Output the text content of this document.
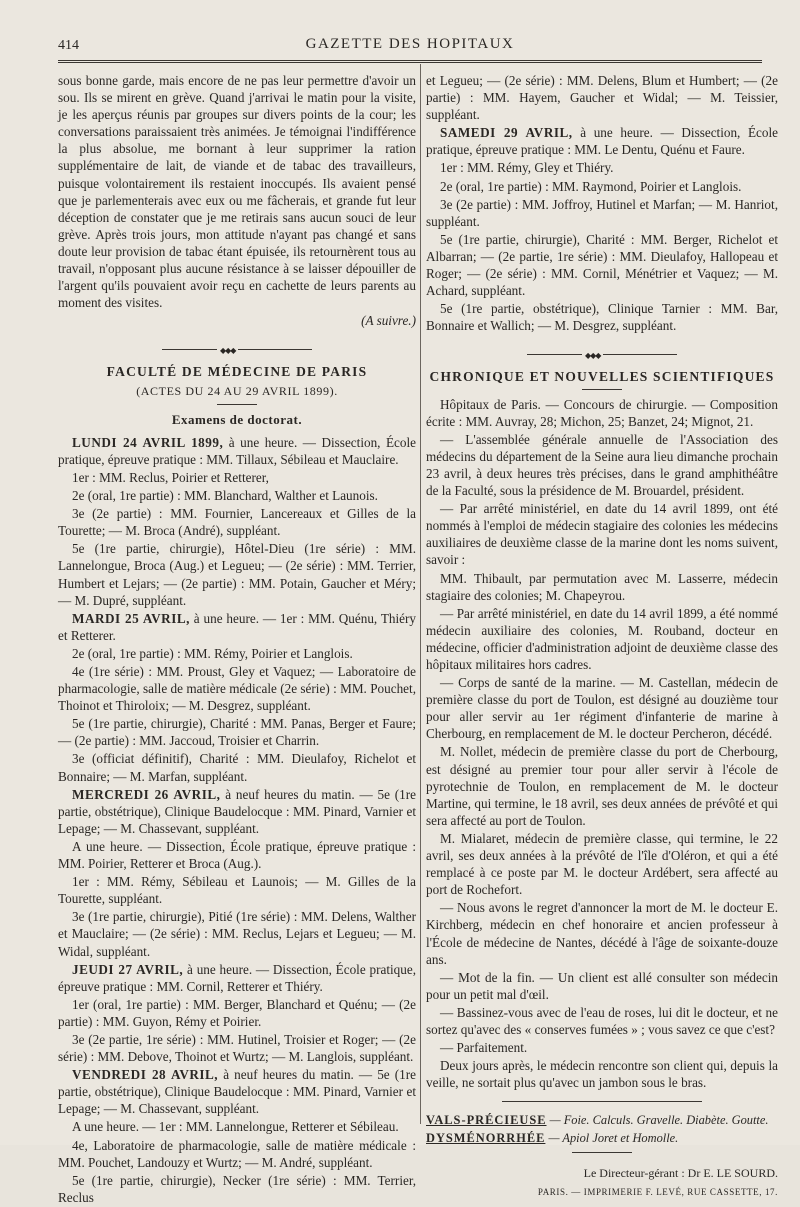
414	GAZETTE DES HOPITAUX

sous bonne garde, mais encore de ne pas leur permettre d'avoir un sou. Ils se mirent en grève. Quand j'arrivai le matin pour la visite, je les aperçus réunis par groupes sur divers points de la cour; les conversations paraissaient très animées. Je témoignai l'indifférence la plus absolue, me bornant à leur supprimer la ration supplémentaire de lait, de viande et de tabac des travailleurs, puisque volontairement ils restaient inoccupés. Ils avaient pensé que je parlementerais avec eux ou me fâcherais, et grande fut leur déception de constater que je me retirais sans aucun souci de leur grève. Après trois jours, mon attitude n'ayant pas changé et sans doute leur provision de tabac étant épuisée, ils retournèrent tous au travail, n'opposant plus aucune résistance à se laisser dépouiller de l'argent qu'ils pouvaient avoir reçu en cachette de leurs parents au moment des visites.

(A suivre.)

◆◆◆
FACULTÉ DE MÉDECINE DE PARIS
(ACTES DU 24 AU 29 AVRIL 1899).
Examens de doctorat.

LUNDI 24 AVRIL 1899, à une heure. — Dissection, École pratique, épreuve pratique : MM. Tillaux, Sébileau et Mauclaire.

1er : MM. Reclus, Poirier et Retterer,

2e (oral, 1re partie) : MM. Blanchard, Walther et Launois.

3e (2e partie) : MM. Fournier, Lancereaux et Gilles de la Tourette; — M. Broca (André), suppléant.

5e (1re partie, chirurgie), Hôtel-Dieu (1re série) : MM. Lannelongue, Broca (Aug.) et Legueu; — (2e série) : MM. Terrier, Humbert et Lejars; — (2e partie) : MM. Potain, Gaucher et Méry; — M. Dupré, suppléant.

MARDI 25 AVRIL, à une heure. — 1er : MM. Quénu, Thiéry et Retterer.

2e (oral, 1re partie) : MM. Rémy, Poirier et Langlois.

4e (1re série) : MM. Proust, Gley et Vaquez; — Laboratoire de pharmacologie, salle de matière médicale (2e série) : MM. Pouchet, Thoinot et Thiroloix; — M. Desgrez, suppléant.

5e (1re partie, chirurgie), Charité : MM. Panas, Berger et Faure; — (2e partie) : MM. Jaccoud, Troisier et Charrin.

3e (officiat définitif), Charité : MM. Dieulafoy, Richelot et Bonnaire; — M. Marfan, suppléant.

MERCREDI 26 AVRIL, à neuf heures du matin. — 5e (1re partie, obstétrique), Clinique Baudelocque : MM. Pinard, Varnier et Lepage; — M. Chassevant, suppléant.

A une heure. — Dissection, École pratique, épreuve pratique : MM. Poirier, Retterer et Broca (Aug.).

1er : MM. Rémy, Sébileau et Launois; — M. Gilles de la Tourette, suppléant.

3e (1re partie, chirurgie), Pitié (1re série) : MM. Delens, Walther et Mauclaire; — (2e série) : MM. Reclus, Lejars et Legueu; — M. Widal, suppléant.

JEUDI 27 AVRIL, à une heure. — Dissection, École pratique, épreuve pratique : MM. Cornil, Retterer et Thiéry.

1er (oral, 1re partie) : MM. Berger, Blanchard et Quénu; — (2e partie) : MM. Guyon, Rémy et Poirier.

3e (2e partie, 1re série) : MM. Hutinel, Troisier et Roger; — (2e série) : MM. Debove, Thoinot et Wurtz; — M. Langlois, suppléant.

VENDREDI 28 AVRIL, à neuf heures du matin. — 5e (1re partie, obstétrique), Clinique Baudelocque : MM. Pinard, Varnier et Lepage; — M. Chassevant, suppléant.

A une heure. — 1er : MM. Lannelongue, Retterer et Sébileau.

4e, Laboratoire de pharmacologie, salle de matière médicale : MM. Pouchet, Landouzy et Wurtz; — M. André, suppléant.

5e (1re partie, chirurgie), Necker (1re série) : MM. Terrier, Reclus

et Legueu; — (2e série) : MM. Delens, Blum et Humbert; — (2e partie) : MM. Hayem, Gaucher et Widal; — M. Teissier, suppléant.

SAMEDI 29 AVRIL, à une heure. — Dissection, École pratique, épreuve pratique : MM. Le Dentu, Quénu et Faure.

1er : MM. Rémy, Gley et Thiéry.

2e (oral, 1re partie) : MM. Raymond, Poirier et Langlois.

3e (2e partie) : MM. Joffroy, Hutinel et Marfan; — M. Hanriot, suppléant.

5e (1re partie, chirurgie), Charité : MM. Berger, Richelot et Albarran; — (2e partie, 1re série) : MM. Dieulafoy, Hallopeau et Roger; — (2e série) : MM. Cornil, Ménétrier et Vaquez; — M. Achard, suppléant.

5e (1re partie, obstétrique), Clinique Tarnier : MM. Bar, Bonnaire et Wallich; — M. Desgrez, suppléant.

◆◆◆
CHRONIQUE ET NOUVELLES SCIENTIFIQUES

Hôpitaux de Paris. — Concours de chirurgie. — Composition écrite : MM. Auvray, 28; Michon, 25; Banzet, 24; Mignot, 21.

— L'assemblée générale annuelle de l'Association des médecins du département de la Seine aura lieu dimanche prochain 23 avril, à deux heures très précises, dans le grand amphithéâtre de la Faculté, sous la présidence de M. Brouardel, président.

— Par arrêté ministériel, en date du 14 avril 1899, ont été nommés à l'emploi de médecin stagiaire des colonies les médecins auxiliaires de deuxième classe de la marine dont les noms suivent, savoir :

MM. Thibault, par permutation avec M. Lasserre, médecin stagiaire des colonies; M. Chapeyrou.

— Par arrêté ministériel, en date du 14 avril 1899, a été nommé médecin auxiliaire des colonies, M. Rouband, docteur en médecine, officier d'administration adjoint de deuxième classe des hôpitaux militaires hors cadres.

— Corps de santé de la marine. — M. Castellan, médecin de première classe du port de Toulon, est désigné au douzième tour pour aller servir au 1er régiment d'infanterie de marine à Cherbourg, en remplacement de M. le docteur Percheron, décédé.

M. Nollet, médecin de première classe du port de Cherbourg, est désigné au premier tour pour aller servir à l'école de pyrotechnie de Toulon, en remplacement de M. le docteur Martine, qui termine, le 18 avril, ses deux années de prévôté et qui sera affecté au port de Toulon.

M. Mialaret, médecin de première classe, qui termine, le 22 avril, ses deux années à la prévôté de l'île d'Oléron, et qui a été remplacé à ce poste par M. le docteur Ardébert, sera affecté au port de Rochefort.

— Nous avons le regret d'annoncer la mort de M. le docteur E. Kirchberg, médecin en chef honoraire et ancien professeur à l'École de médecine de Nantes, décédé à l'âge de soixante-douze ans.

— Mot de la fin. — Un client est allé consulter son médecin pour un petit mal d'œil.

— Bassinez-vous avec de l'eau de roses, lui dit le docteur, et ne sortez qu'avec des « conserves fumées » ; vous savez ce que c'est?

— Parfaitement.

Deux jours après, le médecin rencontre son client qui, depuis la veille, ne sortait plus qu'avec un jambon sous le bras.

VALS-PRÉCIEUSE — Foie. Calculs. Gravelle. Diabète. Goutte.

DYSMÉNORRHÉE — Apiol Joret et Homolle.

Le Directeur-gérant : Dr E. LE SOURD.

PARIS. — IMPRIMERIE F. LEVÉ, RUE CASSETTE, 17.
